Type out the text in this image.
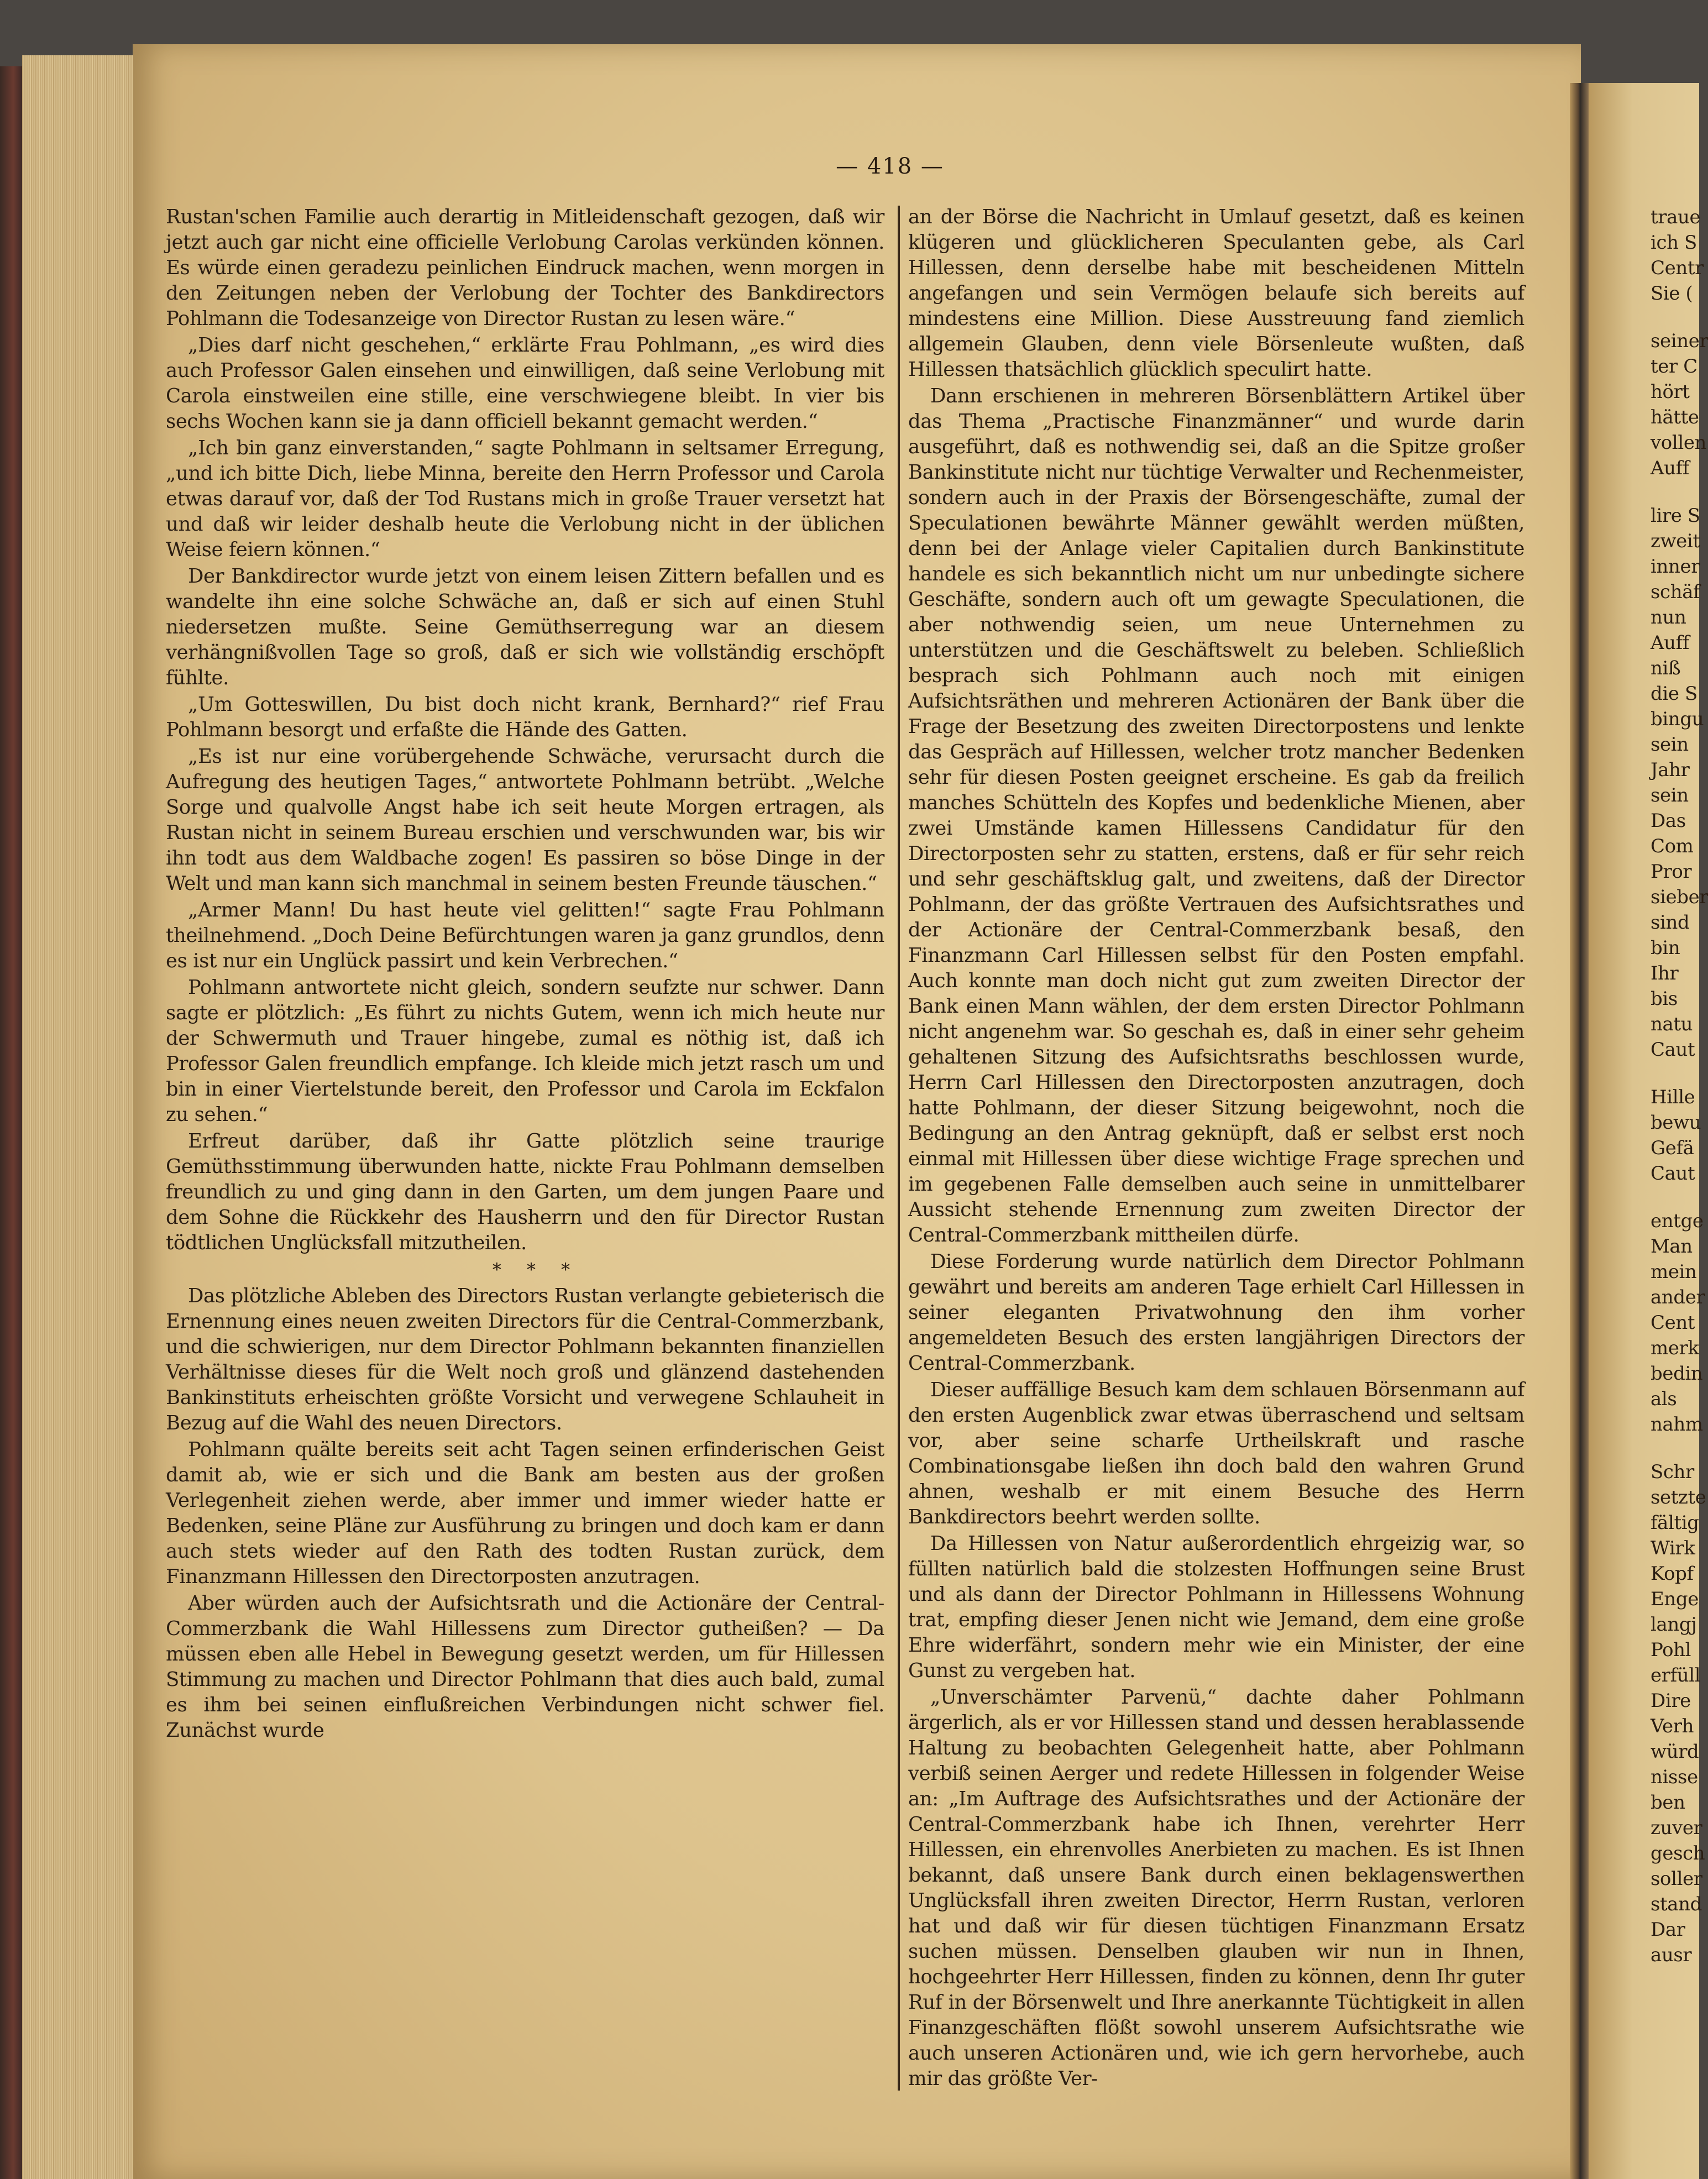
— 418 —

Rustan'schen Familie auch derartig in Mitleidenschaft gezogen, daß wir jetzt auch gar nicht eine officielle Verlobung Carolas verkünden können. Es würde einen geradezu peinlichen Eindruck machen, wenn morgen in den Zeitungen neben der Verlobung der Tochter des Bankdirectors Pohlmann die Todesanzeige von Director Rustan zu lesen wäre.“

„Dies darf nicht geschehen,“ erklärte Frau Pohlmann, „es wird dies auch Professor Galen einsehen und einwilligen, daß seine Verlobung mit Carola einstweilen eine stille, eine verschwiegene bleibt. In vier bis sechs Wochen kann sie ja dann officiell bekannt gemacht werden.“

„Ich bin ganz einverstanden,“ sagte Pohlmann in seltsamer Erregung, „und ich bitte Dich, liebe Minna, bereite den Herrn Professor und Carola etwas darauf vor, daß der Tod Rustans mich in große Trauer versetzt hat und daß wir leider deshalb heute die Verlobung nicht in der üblichen Weise feiern können.“

Der Bankdirector wurde jetzt von einem leisen Zittern befallen und es wandelte ihn eine solche Schwäche an, daß er sich auf einen Stuhl niedersetzen mußte. Seine Gemüthserregung war an diesem verhängnißvollen Tage so groß, daß er sich wie vollständig erschöpft fühlte.

„Um Gotteswillen, Du bist doch nicht krank, Bernhard?“ rief Frau Pohlmann besorgt und erfaßte die Hände des Gatten.

„Es ist nur eine vorübergehende Schwäche, verursacht durch die Aufregung des heutigen Tages,“ antwortete Pohlmann betrübt. „Welche Sorge und qualvolle Angst habe ich seit heute Morgen ertragen, als Rustan nicht in seinem Bureau erschien und verschwunden war, bis wir ihn todt aus dem Waldbache zogen! Es passiren so böse Dinge in der Welt und man kann sich manchmal in seinem besten Freunde täuschen.“

„Armer Mann! Du hast heute viel gelitten!“ sagte Frau Pohlmann theilnehmend. „Doch Deine Befürchtungen waren ja ganz grundlos, denn es ist nur ein Unglück passirt und kein Verbrechen.“

Pohlmann antwortete nicht gleich, sondern seufzte nur schwer. Dann sagte er plötzlich: „Es führt zu nichts Gutem, wenn ich mich heute nur der Schwermuth und Trauer hingebe, zumal es nöthig ist, daß ich Professor Galen freundlich empfange. Ich kleide mich jetzt rasch um und bin in einer Viertelstunde bereit, den Professor und Carola im Eckfalon zu sehen.“

Erfreut darüber, daß ihr Gatte plötzlich seine traurige Gemüthsstimmung überwunden hatte, nickte Frau Pohlmann demselben freundlich zu und ging dann in den Garten, um dem jungen Paare und dem Sohne die Rückkehr des Hausherrn und den für Director Rustan tödtlichen Unglücksfall mitzutheilen.

* * *

Das plötzliche Ableben des Directors Rustan verlangte gebieterisch die Ernennung eines neuen zweiten Directors für die Central-Commerzbank, und die schwierigen, nur dem Director Pohlmann bekannten finanziellen Verhältnisse dieses für die Welt noch groß und glänzend dastehenden Bankinstituts erheischten größte Vorsicht und verwegene Schlauheit in Bezug auf die Wahl des neuen Directors.

Pohlmann quälte bereits seit acht Tagen seinen erfinderischen Geist damit ab, wie er sich und die Bank am besten aus der großen Verlegenheit ziehen werde, aber immer und immer wieder hatte er Bedenken, seine Pläne zur Ausführung zu bringen und doch kam er dann auch stets wieder auf den Rath des todten Rustan zurück, dem Finanzmann Hillessen den Directorposten anzutragen.

Aber würden auch der Aufsichtsrath und die Actionäre der Central-Commerzbank die Wahl Hillessens zum Director gutheißen? — Da müssen eben alle Hebel in Bewegung gesetzt werden, um für Hillessen Stimmung zu machen und Director Pohlmann that dies auch bald, zumal es ihm bei seinen einflußreichen Verbindungen nicht schwer fiel. Zunächst wurde

an der Börse die Nachricht in Umlauf gesetzt, daß es keinen klügeren und glücklicheren Speculanten gebe, als Carl Hillessen, denn derselbe habe mit bescheidenen Mitteln angefangen und sein Vermögen belaufe sich bereits auf mindestens eine Million. Diese Ausstreuung fand ziemlich allgemein Glauben, denn viele Börsenleute wußten, daß Hillessen thatsächlich glücklich speculirt hatte.

Dann erschienen in mehreren Börsenblättern Artikel über das Thema „Practische Finanzmänner“ und wurde darin ausgeführt, daß es nothwendig sei, daß an die Spitze großer Bankinstitute nicht nur tüchtige Verwalter und Rechenmeister, sondern auch in der Praxis der Börsengeschäfte, zumal der Speculationen bewährte Männer gewählt werden müßten, denn bei der Anlage vieler Capitalien durch Bankinstitute handele es sich bekanntlich nicht um nur unbedingte sichere Geschäfte, sondern auch oft um gewagte Speculationen, die aber nothwendig seien, um neue Unternehmen zu unterstützen und die Geschäftswelt zu beleben. Schließlich besprach sich Pohlmann auch noch mit einigen Aufsichtsräthen und mehreren Actionären der Bank über die Frage der Besetzung des zweiten Directorpostens und lenkte das Gespräch auf Hillessen, welcher trotz mancher Bedenken sehr für diesen Posten geeignet erscheine. Es gab da freilich manches Schütteln des Kopfes und bedenkliche Mienen, aber zwei Umstände kamen Hillessens Candidatur für den Directorposten sehr zu statten, erstens, daß er für sehr reich und sehr geschäftsklug galt, und zweitens, daß der Director Pohlmann, der das größte Vertrauen des Aufsichtsrathes und der Actionäre der Central-Commerzbank besaß, den Finanzmann Carl Hillessen selbst für den Posten empfahl. Auch konnte man doch nicht gut zum zweiten Director der Bank einen Mann wählen, der dem ersten Director Pohlmann nicht angenehm war. So geschah es, daß in einer sehr geheim gehaltenen Sitzung des Aufsichtsraths beschlossen wurde, Herrn Carl Hillessen den Directorposten anzutragen, doch hatte Pohlmann, der dieser Sitzung beigewohnt, noch die Bedingung an den Antrag geknüpft, daß er selbst erst noch einmal mit Hillessen über diese wichtige Frage sprechen und im gegebenen Falle demselben auch seine in unmittelbarer Aussicht stehende Ernennung zum zweiten Director der Central-Commerzbank mittheilen dürfe.

Diese Forderung wurde natürlich dem Director Pohlmann gewährt und bereits am anderen Tage erhielt Carl Hillessen in seiner eleganten Privatwohnung den ihm vorher angemeldeten Besuch des ersten langjährigen Directors der Central-Commerzbank.

Dieser auffällige Besuch kam dem schlauen Börsenmann auf den ersten Augenblick zwar etwas überraschend und seltsam vor, aber seine scharfe Urtheilskraft und rasche Combinationsgabe ließen ihn doch bald den wahren Grund ahnen, weshalb er mit einem Besuche des Herrn Bankdirectors beehrt werden sollte.

Da Hillessen von Natur außerordentlich ehrgeizig war, so füllten natürlich bald die stolzesten Hoffnungen seine Brust und als dann der Director Pohlmann in Hillessens Wohnung trat, empfing dieser Jenen nicht wie Jemand, dem eine große Ehre widerfährt, sondern mehr wie ein Minister, der eine Gunst zu vergeben hat.

„Unverschämter Parvenü,“ dachte daher Pohlmann ärgerlich, als er vor Hillessen stand und dessen herablassende Haltung zu beobachten Gelegenheit hatte, aber Pohlmann verbiß seinen Aerger und redete Hillessen in folgender Weise an: „Im Auftrage des Aufsichtsrathes und der Actionäre der Central-Commerzbank habe ich Ihnen, verehrter Herr Hillessen, ein ehrenvolles Anerbieten zu machen. Es ist Ihnen bekannt, daß unsere Bank durch einen beklagenswerthen Unglücksfall ihren zweiten Director, Herrn Rustan, verloren hat und daß wir für diesen tüchtigen Finanzmann Ersatz suchen müssen. Denselben glauben wir nun in Ihnen, hochgeehrter Herr Hillessen, finden zu können, denn Ihr guter Ruf in der Börsenwelt und Ihre anerkannte Tüchtigkeit in allen Finanzgeschäften flößt sowohl unserem Aufsichtsrathe wie auch unseren Actionären und, wie ich gern hervorhebe, auch mir das größte Ver-

traue

ich S

Centr

Sie (

seiner

ter C

hört

hätte

vollen

Auff

lire S

zweit

inner

schäf

nun

Auff

niß

die S

bingu

sein

Jahr

sein

Das

Com

Pror

sieber

sind

bin

Ihr

bis

natu

Caut

Hille

bewu

Gefä

Caut

entge

Man

mein

ander

Cent

merk

bedin

als

nahm

Schr

setzte

fältig

Wirk

Kopf

Enge

langj

Pohl

erfüll

Dire

Verh

würd

nisse

ben

zuver

gesch

soller

stand

Dar

ausr
